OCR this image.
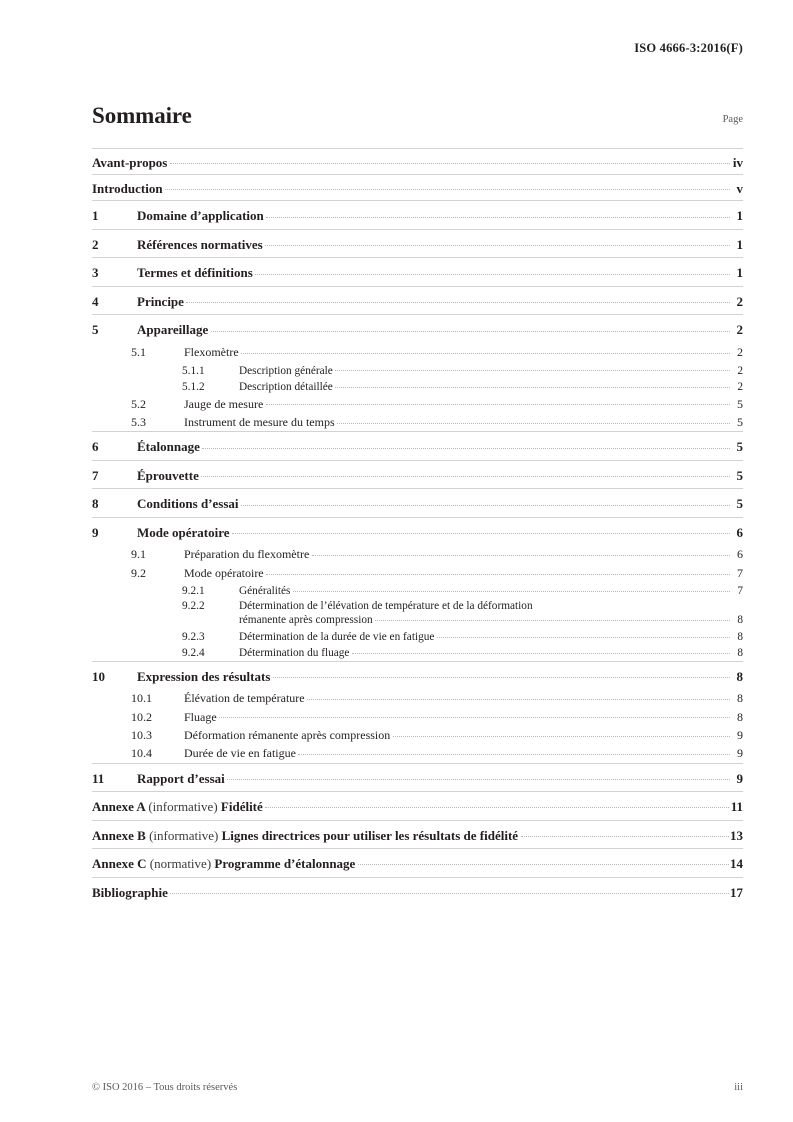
ISO 4666-3:2016(F)
Sommaire	Page
Avant-propos	iv
Introduction	v
1	Domaine d’application	1
2	Références normatives	1
3	Termes et définitions	1
4	Principe	2
5	Appareillage	2
5.1	Flexomètre	2
5.1.1	Description générale	2
5.1.2	Description détaillée	2
5.2	Jauge de mesure	5
5.3	Instrument de mesure du temps	5
6	Étalonnage	5
7	Éprouvette	5
8	Conditions d’essai	5
9	Mode opératoire	6
9.1	Préparation du flexomètre	6
9.2	Mode opératoire	7
9.2.1	Généralités	7
9.2.2	Détermination de l’élévation de température et de la déformation
rémanente après compression	8
9.2.3	Détermination de la durée de vie en fatigue	8
9.2.4	Détermination du fluage	8
10	Expression des résultats	8
10.1	Élévation de température	8
10.2	Fluage	8
10.3	Déformation rémanente après compression	9
10.4	Durée de vie en fatigue	9
11	Rapport d’essai	9
Annexe A (informative) Fidélité	11
Annexe B (informative) Lignes directrices pour utiliser les résultats de fidélité	13
Annexe C (normative) Programme d’étalonnage	14
Bibliographie	17
© ISO 2016 – Tous droits réservés	iii
